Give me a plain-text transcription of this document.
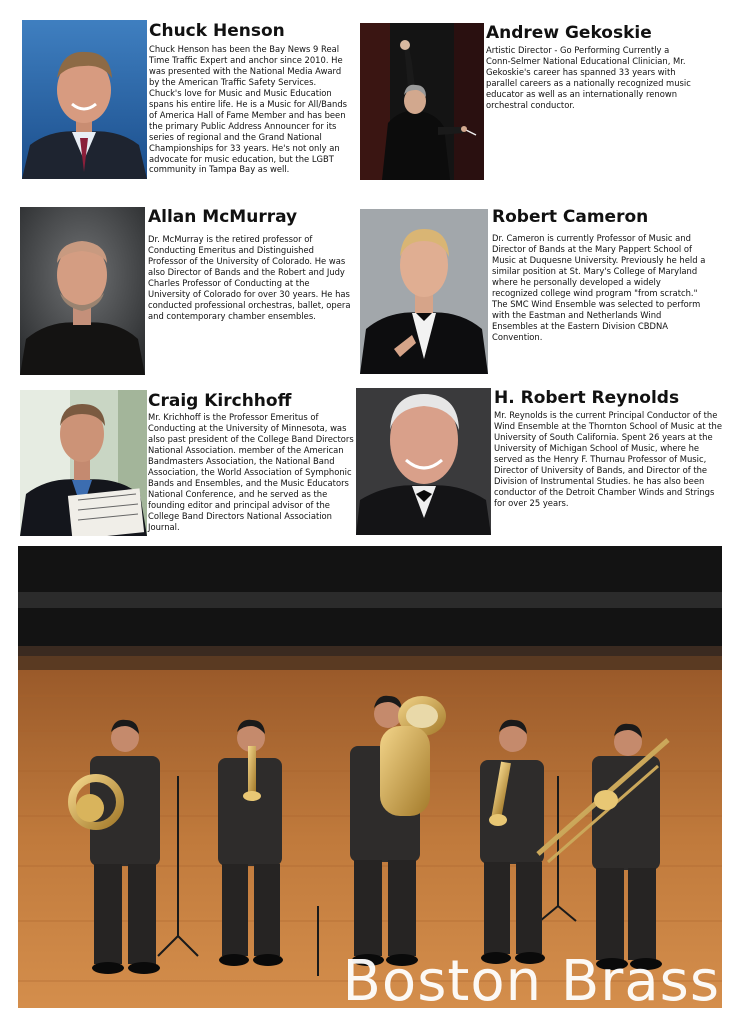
Chuck Henson

Chuck Henson has been the Bay News 9 Real Time Traffic Expert and anchor since 2010. He was presented with the National Media Award by the American Traffic Safety Services. Chuck's love for Music and Music Education spans his entire life. He is a Music for All/Bands of America Hall of Fame Member and has been the primary Public Address Announcer for its series of regional and the Grand National Championships for 33 years. He's not only an advocate for music education, but the LGBT community in Tampa Bay as well.

Andrew Gekoskie

Artistic Director - Go Performing Currently a Conn-Selmer National Educational Clinician, Mr. Gekoskie's career has spanned 33 years with parallel careers as a nationally recognized music educator as well as an internationally renown orchestral conductor.

Allan McMurray

Dr. McMurray is the retired professor of Conducting Emeritus and Distinguished Professor of the University of Colorado. He was also Director of Bands and the Robert and Judy Charles Professor of Conducting at the University of Colorado for over 30 years. He has conducted professional orchestras, ballet, opera and contemporary chamber ensembles.

Robert Cameron

Dr. Cameron is currently Professor of Music and Director of Bands at the Mary Pappert School of Music at Duquesne University. Previously he held a similar position at St. Mary's College of Maryland where he personally developed a widely recognized college wind program "from scratch." The SMC Wind Ensemble was selected to perform with the Eastman and Netherlands Wind Ensembles at the Eastern Division CBDNA Convention.

Craig Kirchhoff

Mr. Krichhoff is the Professor Emeritus of Conducting at the University of Minnesota, was also past president of the College Band Directors National Association. member of the American Bandmasters Association, the National Band Association, the World Association of Symphonic Bands and Ensembles, and the Music Educators National Conference, and he served as the founding editor and principal advisor of the College Band Directors National Association Journal.

H. Robert Reynolds

Mr. Reynolds is the current Principal Conductor of the Wind Ensemble at the Thornton School of Music at the University of South California. Spent 26 years at the University of Michigan School of Music, where he served as the Henry F. Thurnau Professor of Music, Director of University of Bands, and Director of the Division of Instrumental Studies. he has also been conductor of the Detroit Chamber Winds and Strings for over 25 years.

Boston Brass
